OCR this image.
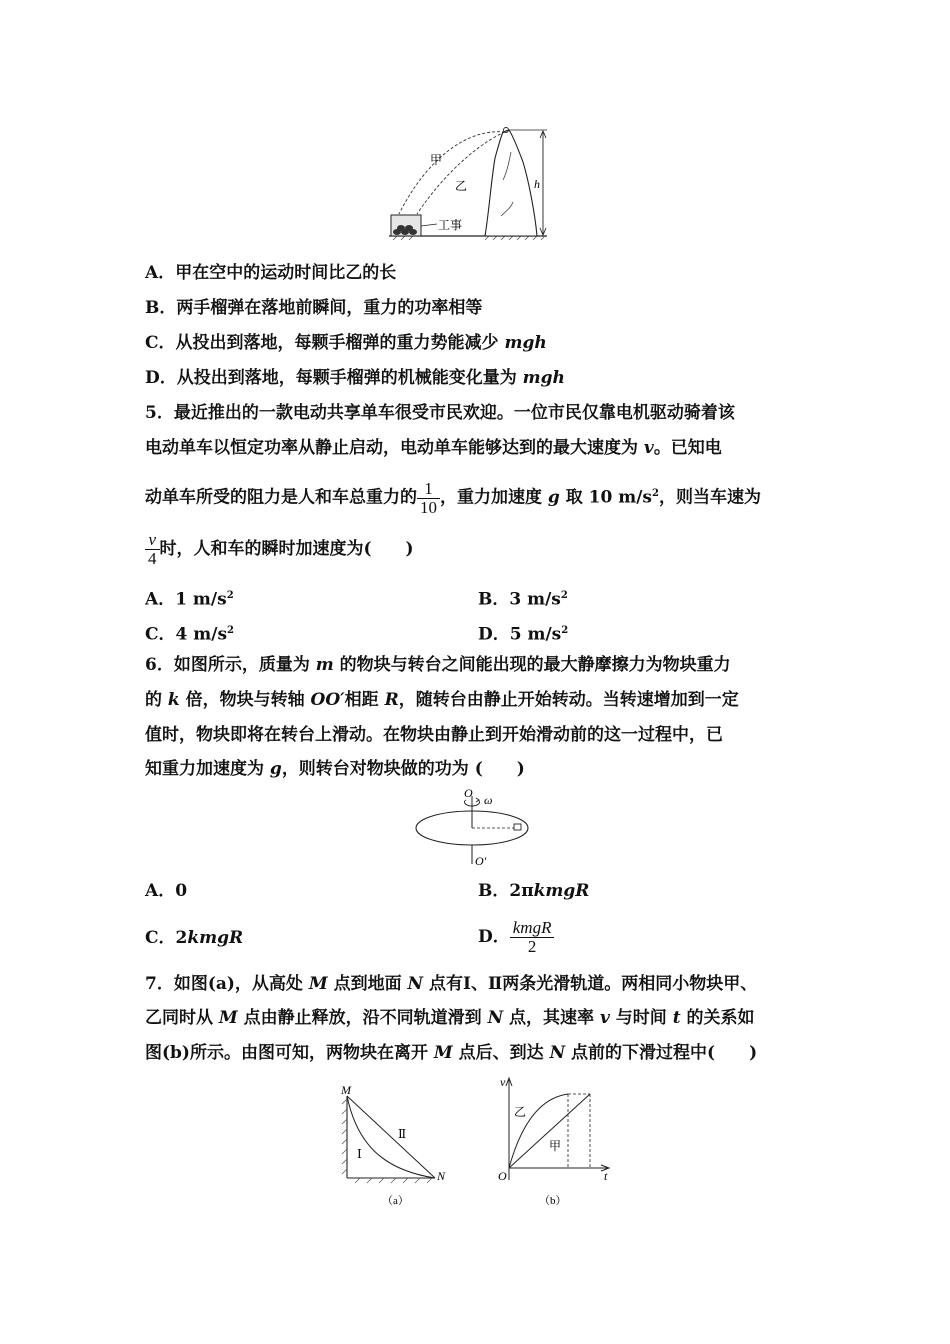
工事
甲
乙	h
A．甲在空中的运动时间比乙的长
B．两手榴弹在落地前瞬间，重力的功率相等
C．从投出到落地，每颗手榴弹的重力势能减少 mgh
D．从投出到落地，每颗手榴弹的机械能变化量为 mgh
5．最近推出的一款电动共享单车很受市民欢迎。一位市民仅靠电机驱动骑着该
电动单车以恒定功率从静止启动，电动单车能够达到的最大速度为 v。已知电
动单车所受的阻力是人和车总重力的 $\frac{1}{10}$ ，重力加速度 g 取 10 $m/s^2$，则当车速为
$\frac{v}{4}$ 时，人和车的瞬时加速度为(　　)
A．1 $m/s^2$	B．3 $m/s^2$
C．4 $m/s^2$	D．5 $m/s^2$
6．如图所示，质量为 m 的物块与转台之间能出现的最大静摩擦力为物块重力
的 k 倍，物块与转轴 OO′相距 R，随转台由静止开始转动。当转速增加到一定
值时，物块即将在转台上滑动。在物块由静止到开始滑动前的这一过程中，已
知重力加速度为 g，则转台对物块做的功为 (　　)
O ω
O′
A．0	B．2πkmgR
C．2kmgR	D． $\frac{\text{kmgR}}{2}$
7．如图(a)，从高处 M 点到地面 N 点有Ⅰ、Ⅱ两条光滑轨道。两相同小物块甲、
乙同时从 M 点由静止释放，沿不同轨道滑到 N 点，其速率 v 与时间 t 的关系如
图(b)所示。由图可知，两物块在离开 M 点后、到达 N 点前的下滑过程中(　　)
M
N
Ⅰ
Ⅱ
（a）
v
t
O
乙
甲
（b）
